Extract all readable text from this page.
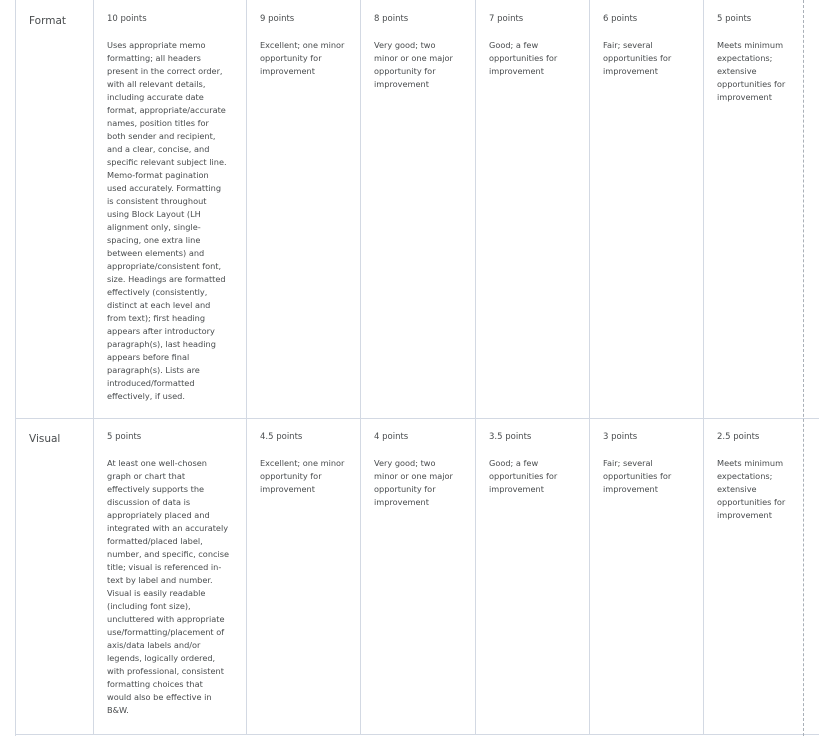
Format	10 points
Uses appropriate memo
formatting; all headers
present in the correct order,
with all relevant details,
including accurate date
format, appropriate/accurate
names, position titles for
both sender and recipient,
and a clear, concise, and
specific relevant subject line.
Memo-format pagination
used accurately. Formatting
is consistent throughout
using Block Layout (LH
alignment only, single-
spacing, one extra line
between elements) and
appropriate/consistent font,
size. Headings are formatted
effectively (consistently,
distinct at each level and
from text); first heading
appears after introductory
paragraph(s), last heading
appears before final
paragraph(s). Lists are
introduced/formatted
effectively, if used.
9 points
Excellent; one minor
opportunity for
improvement
8 points
Very good; two
minor or one major
opportunity for
improvement
7 points
Good; a few
opportunities for
improvement
6 points
Fair; several
opportunities for
improvement
5 points
Meets minimum
expectations;
extensive
opportunities for
improvement
Visual	5 points
At least one well-chosen
graph or chart that
effectively supports the
discussion of data is
appropriately placed and
integrated with an accurately
formatted/placed label,
number, and specific, concise
title; visual is referenced in-
text by label and number.
Visual is easily readable
(including font size),
uncluttered with appropriate
use/formatting/placement of
axis/data labels and/or
legends, logically ordered,
with professional, consistent
formatting choices that
would also be effective in
B&W.
4.5 points
Excellent; one minor
opportunity for
improvement
4 points
Very good; two
minor or one major
opportunity for
improvement
3.5 points
Good; a few
opportunities for
improvement
3 points
Fair; several
opportunities for
improvement
2.5 points
Meets minimum
expectations;
extensive
opportunities for
improvement
